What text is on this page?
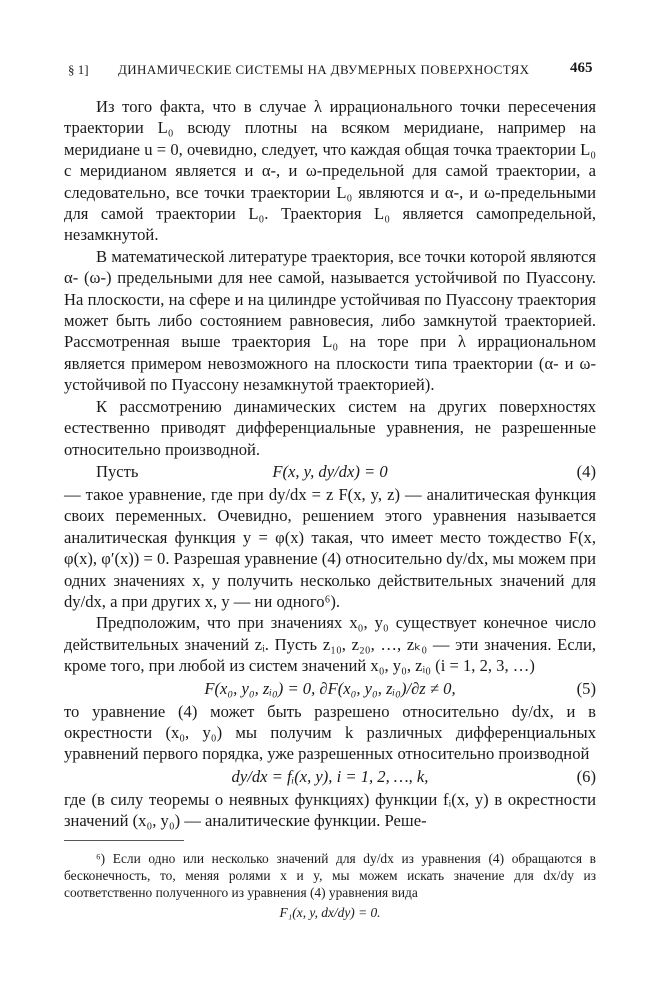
§ 1] ДИНАМИЧЕСКИЕ СИСТЕМЫ НА ДВУМЕРНЫХ ПОВЕРХНОСТЯХ	465

Из того факта, что в случае λ иррационального точки пересечения траектории L₀ всюду плотны на всяком меридиане, например на меридиане u = 0, очевидно, следует, что каждая общая точка траектории L₀ с меридианом является и α-, и ω-предельной для самой траектории, а следовательно, все точки траектории L₀ являются и α-, и ω-предельными для самой траектории L₀. Траектория L₀ является самопредельной, незамкнутой.

В математической литературе траектория, все точки которой являются α- (ω-) предельными для нее самой, называется устойчивой по Пуассону. На плоскости, на сфере и на цилиндре устойчивая по Пуассону траектория может быть либо состоянием равновесия, либо замкнутой траекторией. Рассмотренная выше траектория L₀ на торе при λ иррациональном является примером невозможного на плоскости типа траектории (α- и ω-устойчивой по Пуассону незамкнутой траекторией).

К рассмотрению динамических систем на других поверхностях естественно приводят дифференциальные уравнения, не разрешенные относительно производной.

Пусть	F(x, y, dy/dx) = 0	(4)

— такое уравнение, где при dy/dx = z F(x, y, z) — аналитическая функция своих переменных. Очевидно, решением этого уравнения называется аналитическая функция y = φ(x) такая, что имеет место тождество F(x, φ(x), φ′(x)) = 0. Разрешая уравнение (4) относительно dy/dx, мы можем при одних значениях x, y получить несколько действительных значений для dy/dx, а при других x, y — ни одного⁶).

Предположим, что при значениях x₀, y₀ существует конечное число действительных значений zᵢ. Пусть z₁₀, z₂₀, …, zₖ₀ — эти значения. Если, кроме того, при любой из систем значений x₀, y₀, zᵢ₀ (i = 1, 2, 3, …)

F(x₀, y₀, zᵢ₀) = 0, ∂F(x₀, y₀, zᵢ₀)/∂z ≠ 0,	(5)

то уравнение (4) может быть разрешено относительно dy/dx, и в окрестности (x₀, y₀) мы получим k различных дифференциальных уравнений первого порядка, уже разрешенных относительно производной

dy/dx = fᵢ(x, y), i = 1, 2, …, k,	(6)

где (в силу теоремы о неявных функциях) функции fᵢ(x, y) в окрестности значений (x₀, y₀) — аналитические функции. Реше-

⁶) Если одно или несколько значений для dy/dx из уравнения (4) обращаются в бесконечность, то, меняя ролями x и y, мы можем искать значение для dx/dy из соответственно полученного из уравнения (4) уравнения вида

F₁(x, y, dx/dy) = 0.
